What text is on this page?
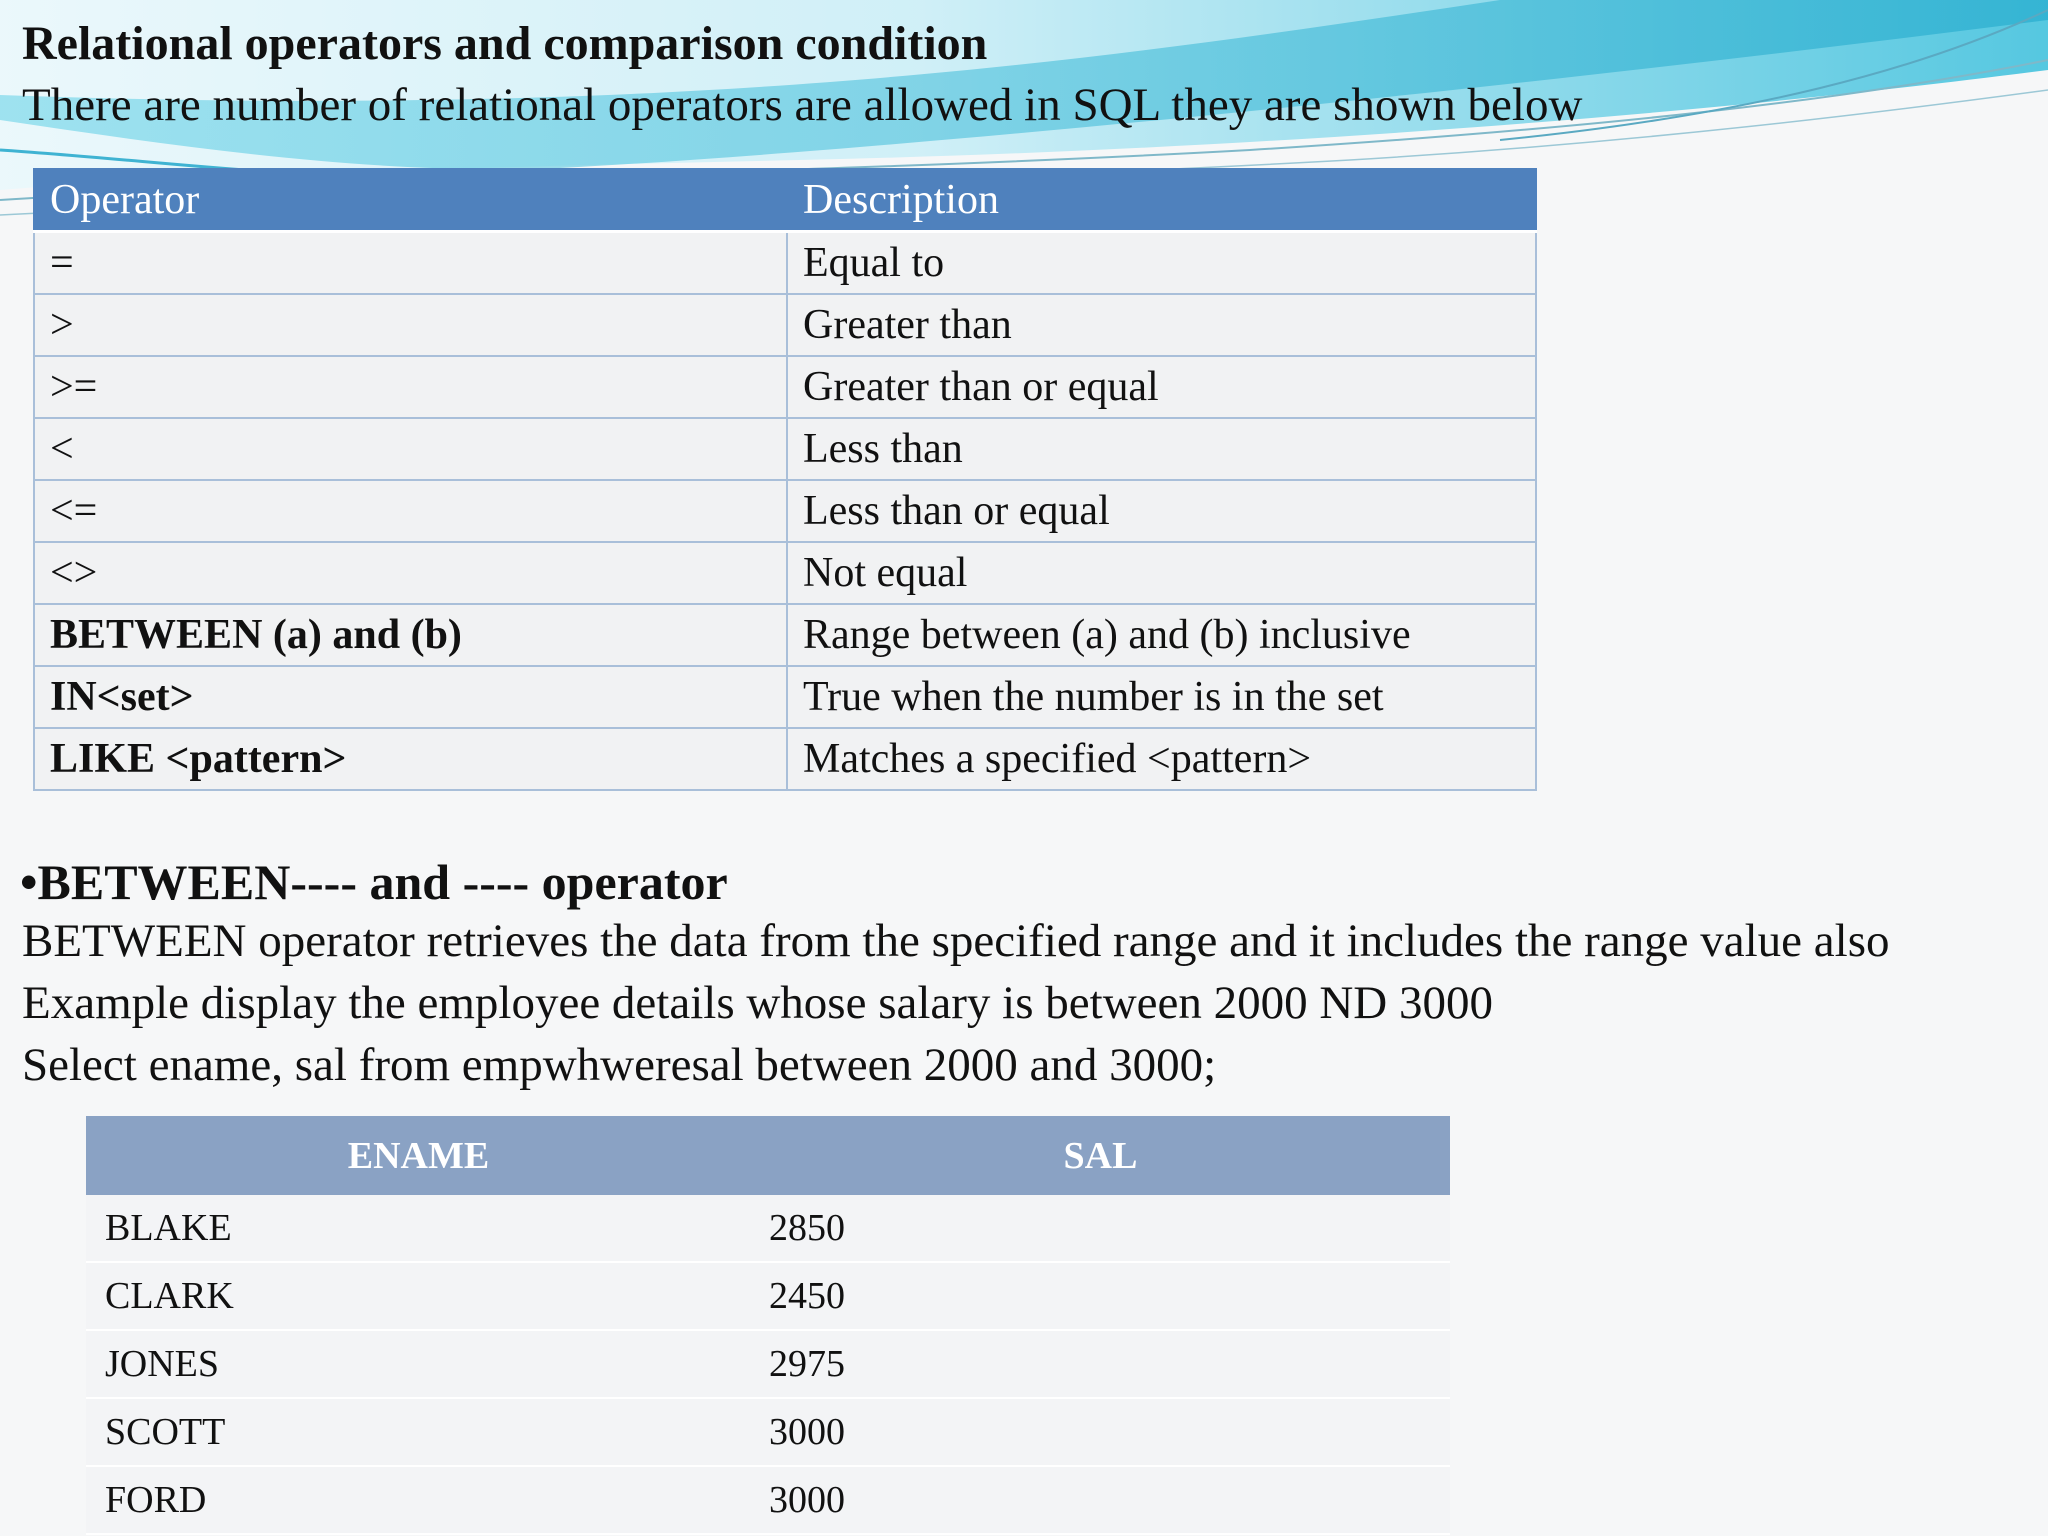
Relational operators and comparison condition
There are number of relational operators are allowed in SQL they are shown below
Operator	Description
=	Equal to
>	Greater than
>=	Greater than or equal
<	Less than
<=	Less than or equal
<>	Not equal
BETWEEN (a) and (b)	Range between (a) and (b) inclusive
IN<set>	True when the number is in the set
LIKE <pattern>	Matches a specified <pattern>
•BETWEEN---- and ---- operator
BETWEEN operator retrieves the data from the specified range and it includes the range value also
Example display the employee details whose salary is between 2000 ND 3000
Select ename, sal from empwhweresal between 2000 and 3000;
ENAME	SAL
BLAKE	2850
CLARK	2450
JONES	2975
SCOTT	3000
FORD	3000
